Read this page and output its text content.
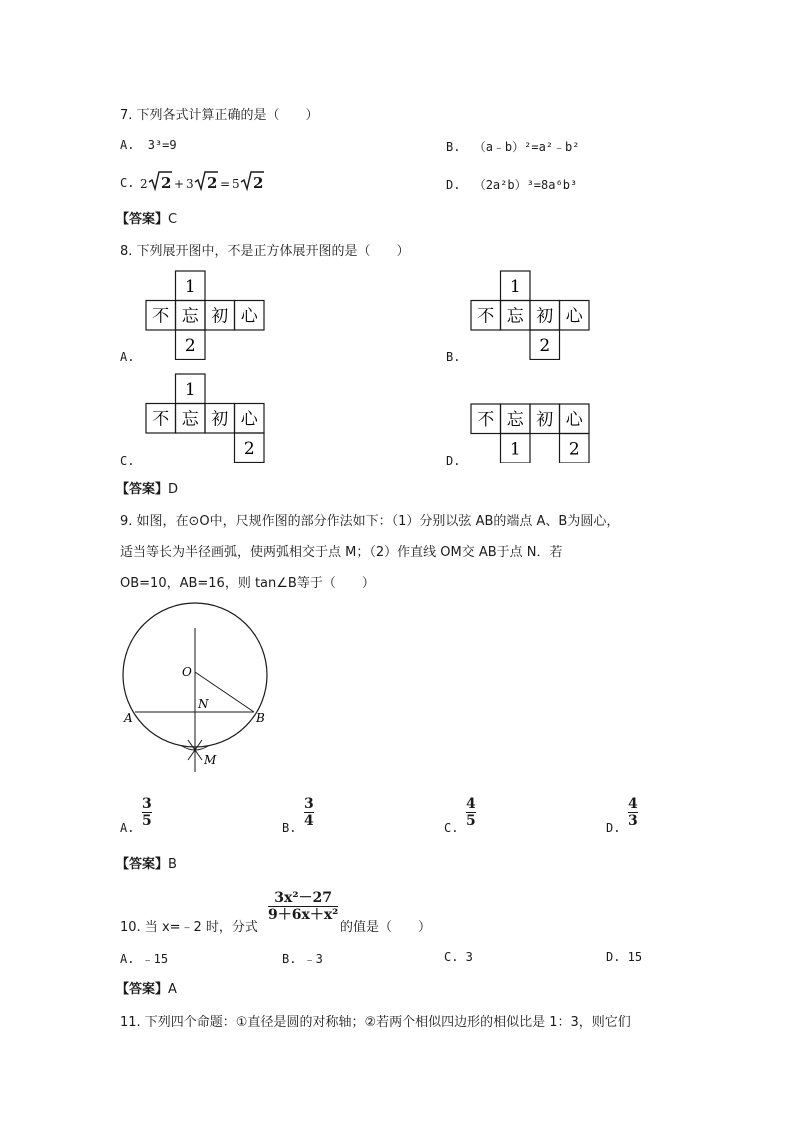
7. 下列各式计算正确的是（　　）
A. 3³=9	B. （a﹣b）²=a²﹣b²
C. 2 2 + 3 2 = 5 2	D. （2a²b）³=8a⁶b³
【答案】C
8. 下列展开图中，不是正方体展开图的是（　　）
1
不 忘 初 心
2
A.
1
不 忘 初 心
2
B.
1
不 忘 初 心
2
C.
不 忘 初 心
1	2
D.
【答案】D
9. 如图，在⊙O中，尺规作图的部分作法如下：（1）分别以弦 AB的端点 A、B为圆心，
适当等长为半径画弧，使两弧相交于点 M；（2）作直线 OM交 AB于点 N．若
OB=10，AB=16，则 tan∠B等于（　　）
O
N
A	B
M
A.
3
5	B.
3
4	C.
4
5	D.
4
3
【答案】B
10. 当 x=﹣2 时，分式
3x²－27
9＋6x＋x²
的值是（　　）
A. ﹣15	B. ﹣3	C. 3	D. 15
【答案】A
11. 下列四个命题：①直径是圆的对称轴；②若两个相似四边形的相似比是 1：3，则它们
